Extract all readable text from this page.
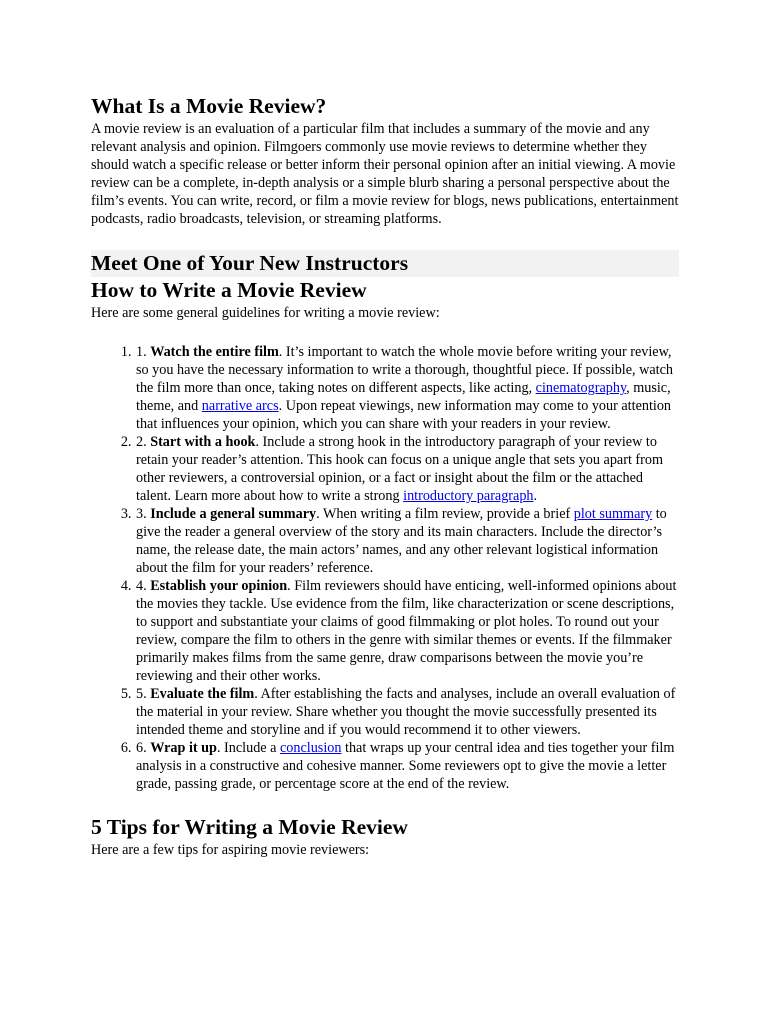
What Is a Movie Review?

A movie review is an evaluation of a particular film that includes a summary of the movie and any relevant analysis and opinion. Filmgoers commonly use movie reviews to determine whether they should watch a specific release or better inform their personal opinion after an initial viewing. A movie review can be a complete, in-depth analysis or a simple blurb sharing a personal perspective about the film’s events. You can write, record, or film a movie review for blogs, news publications, entertainment podcasts, radio broadcasts, television, or streaming platforms.

Meet One of Your New Instructors
How to Write a Movie Review

Here are some general guidelines for writing a movie review:

1. 1. Watch the entire film. It’s important to watch the whole movie before writing your review, so you have the necessary information to write a thorough, thoughtful piece. If possible, watch the film more than once, taking notes on different aspects, like acting, cinematography, music, theme, and narrative arcs. Upon repeat viewings, new information may come to your attention that influences your opinion, which you can share with your readers in your review.
2. 2. Start with a hook. Include a strong hook in the introductory paragraph of your review to retain your reader’s attention. This hook can focus on a unique angle that sets you apart from other reviewers, a controversial opinion, or a fact or insight about the film or the attached talent. Learn more about how to write a strong introductory paragraph.
3. 3. Include a general summary. When writing a film review, provide a brief plot summary to give the reader a general overview of the story and its main characters. Include the director’s name, the release date, the main actors’ names, and any other relevant logistical information about the film for your readers’ reference.
4. 4. Establish your opinion. Film reviewers should have enticing, well-informed opinions about the movies they tackle. Use evidence from the film, like characterization or scene descriptions, to support and substantiate your claims of good filmmaking or plot holes. To round out your review, compare the film to others in the genre with similar themes or events. If the filmmaker primarily makes films from the same genre, draw comparisons between the movie you’re reviewing and their other works.
5. 5. Evaluate the film. After establishing the facts and analyses, include an overall evaluation of the material in your review. Share whether you thought the movie successfully presented its intended theme and storyline and if you would recommend it to other viewers.
6. 6. Wrap it up. Include a conclusion that wraps up your central idea and ties together your film analysis in a constructive and cohesive manner. Some reviewers opt to give the movie a letter grade, passing grade, or percentage score at the end of the review.
5 Tips for Writing a Movie Review

Here are a few tips for aspiring movie reviewers:
